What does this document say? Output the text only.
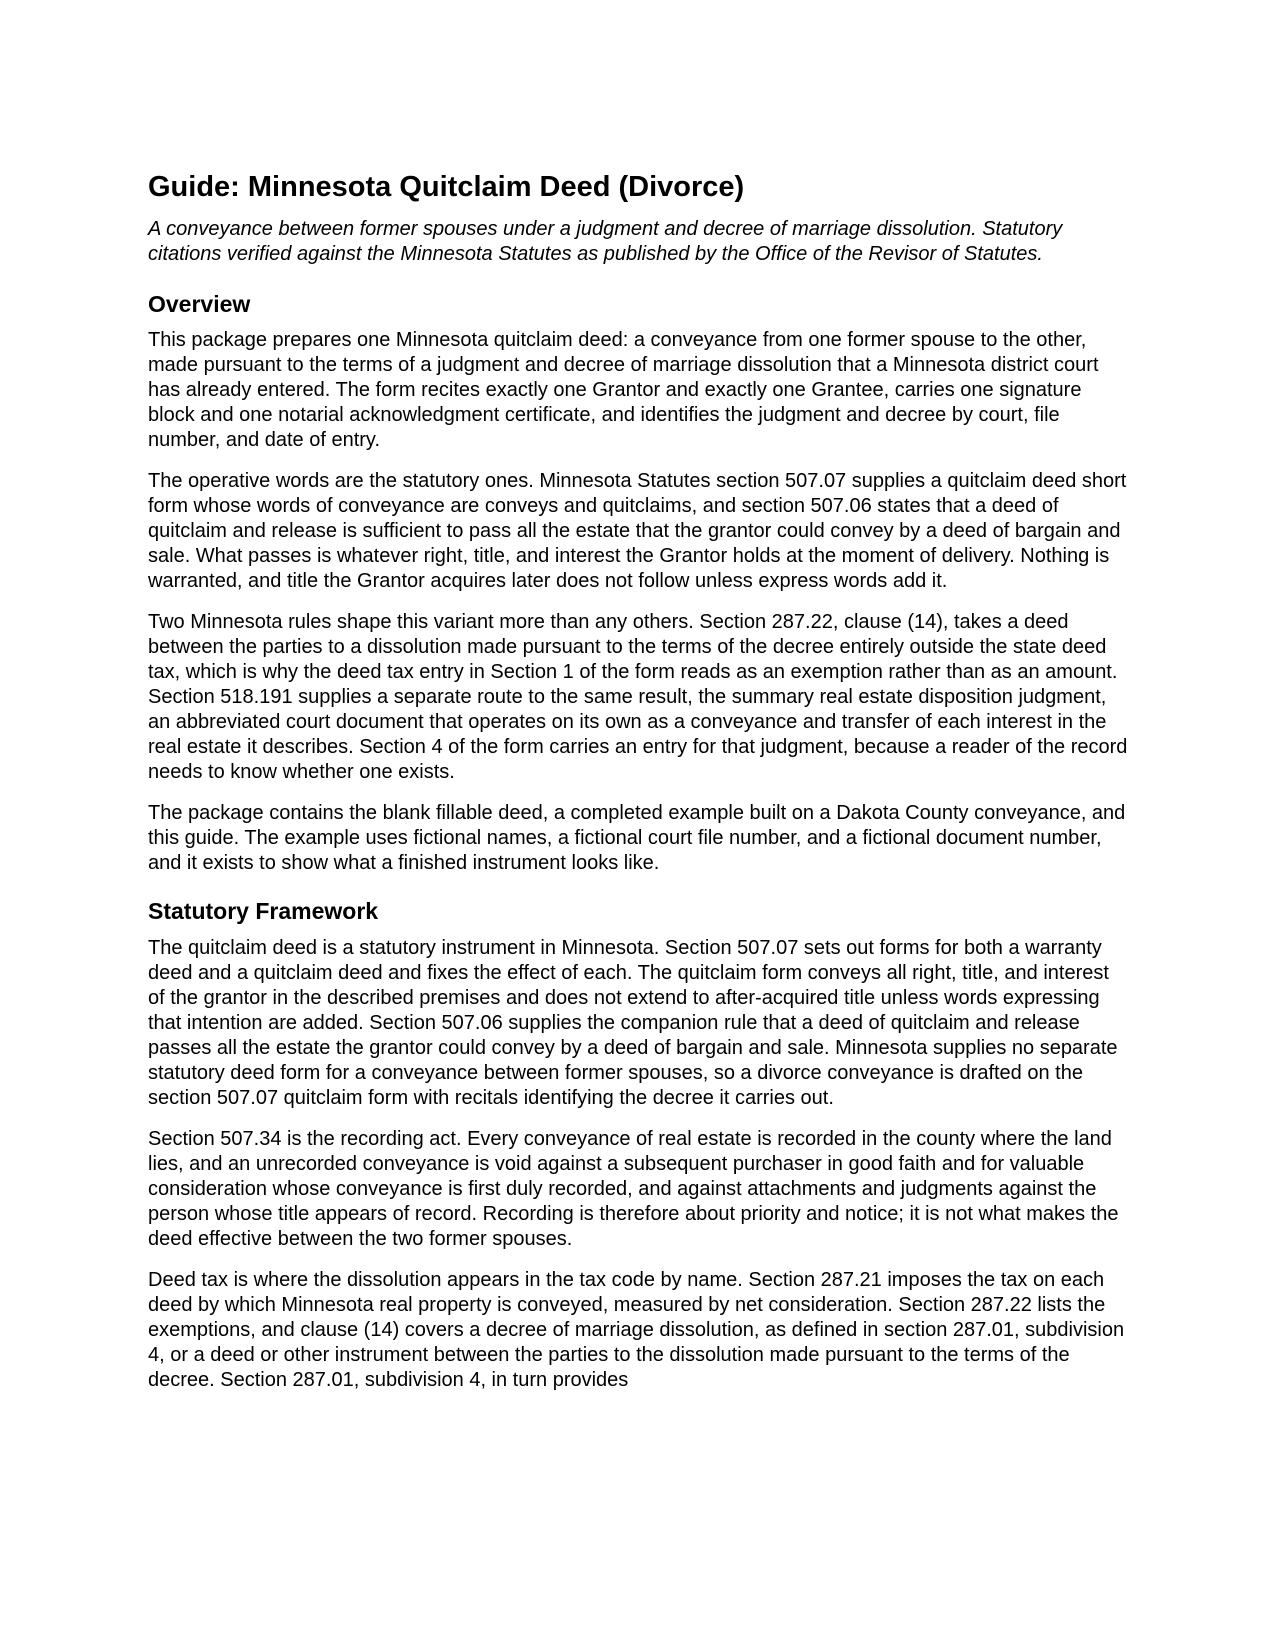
Guide: Minnesota Quitclaim Deed (Divorce)

A conveyance between former spouses under a judgment and decree of marriage dissolution. Statutory citations verified against the Minnesota Statutes as published by the Office of the Revisor of Statutes.

Overview

This package prepares one Minnesota quitclaim deed: a conveyance from one former spouse to the other, made pursuant to the terms of a judgment and decree of marriage dissolution that a Minnesota district court has already entered. The form recites exactly one Grantor and exactly one Grantee, carries one signature block and one notarial acknowledgment certificate, and identifies the judgment and decree by court, file number, and date of entry.

The operative words are the statutory ones. Minnesota Statutes section 507.07 supplies a quitclaim deed short form whose words of conveyance are conveys and quitclaims, and section 507.06 states that a deed of quitclaim and release is sufficient to pass all the estate that the grantor could convey by a deed of bargain and sale. What passes is whatever right, title, and interest the Grantor holds at the moment of delivery. Nothing is warranted, and title the Grantor acquires later does not follow unless express words add it.

Two Minnesota rules shape this variant more than any others. Section 287.22, clause (14), takes a deed between the parties to a dissolution made pursuant to the terms of the decree entirely outside the state deed tax, which is why the deed tax entry in Section 1 of the form reads as an exemption rather than as an amount. Section 518.191 supplies a separate route to the same result, the summary real estate disposition judgment, an abbreviated court document that operates on its own as a conveyance and transfer of each interest in the real estate it describes. Section 4 of the form carries an entry for that judgment, because a reader of the record needs to know whether one exists.

The package contains the blank fillable deed, a completed example built on a Dakota County conveyance, and this guide. The example uses fictional names, a fictional court file number, and a fictional document number, and it exists to show what a finished instrument looks like.

Statutory Framework

The quitclaim deed is a statutory instrument in Minnesota. Section 507.07 sets out forms for both a warranty deed and a quitclaim deed and fixes the effect of each. The quitclaim form conveys all right, title, and interest of the grantor in the described premises and does not extend to after-acquired title unless words expressing that intention are added. Section 507.06 supplies the companion rule that a deed of quitclaim and release passes all the estate the grantor could convey by a deed of bargain and sale. Minnesota supplies no separate statutory deed form for a conveyance between former spouses, so a divorce conveyance is drafted on the section 507.07 quitclaim form with recitals identifying the decree it carries out.

Section 507.34 is the recording act. Every conveyance of real estate is recorded in the county where the land lies, and an unrecorded conveyance is void against a subsequent purchaser in good faith and for valuable consideration whose conveyance is first duly recorded, and against attachments and judgments against the person whose title appears of record. Recording is therefore about priority and notice; it is not what makes the deed effective between the two former spouses.

Deed tax is where the dissolution appears in the tax code by name. Section 287.21 imposes the tax on each deed by which Minnesota real property is conveyed, measured by net consideration. Section 287.22 lists the exemptions, and clause (14) covers a decree of marriage dissolution, as defined in section 287.01, subdivision 4, or a deed or other instrument between the parties to the dissolution made pursuant to the terms of the decree. Section 287.01, subdivision 4, in turn provides
